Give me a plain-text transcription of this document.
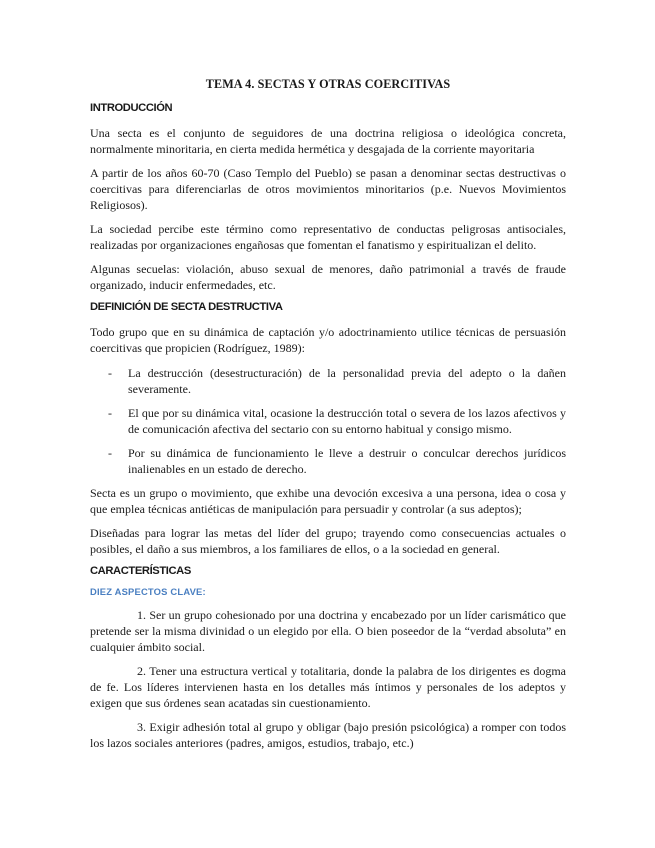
TEMA 4. SECTAS Y OTRAS COERCITIVAS
INTRODUCCIÓN

Una secta es el conjunto de seguidores de una doctrina religiosa o ideológica concreta, normalmente minoritaria, en cierta medida hermética y desgajada de la corriente mayoritaria

A partir de los años 60-70 (Caso Templo del Pueblo) se pasan a denominar sectas destructivas o coercitivas para diferenciarlas de otros movimientos minoritarios (p.e. Nuevos Movimientos Religiosos).

La sociedad percibe este término como representativo de conductas peligrosas antisociales, realizadas por organizaciones engañosas que fomentan el fanatismo y espiritualizan el delito.

Algunas secuelas: violación, abuso sexual de menores, daño patrimonial a través de fraude organizado, inducir enfermedades, etc.

DEFINICIÓN DE SECTA DESTRUCTIVA

Todo grupo que en su dinámica de captación y/o adoctrinamiento utilice técnicas de persuasión coercitivas que propicien (Rodríguez, 1989):

- La destrucción (desestructuración) de la personalidad previa del adepto o la dañen severamente.
- El que por su dinámica vital, ocasione la destrucción total o severa de los lazos afectivos y de comunicación afectiva del sectario con su entorno habitual y consigo mismo.
- Por su dinámica de funcionamiento le lleve a destruir o conculcar derechos jurídicos inalienables en un estado de derecho.

Secta es un grupo o movimiento, que exhibe una devoción excesiva a una persona, idea o cosa y que emplea técnicas antiéticas de manipulación para persuadir y controlar (a sus adeptos);

Diseñadas para lograr las metas del líder del grupo; trayendo como consecuencias actuales o posibles, el daño a sus miembros, a los familiares de ellos, o a la sociedad en general.

CARACTERÍSTICAS
DIEZ ASPECTOS CLAVE:

1. Ser un grupo cohesionado por una doctrina y encabezado por un líder carismático que pretende ser la misma divinidad o un elegido por ella. O bien poseedor de la “verdad absoluta” en cualquier ámbito social.

2. Tener una estructura vertical y totalitaria, donde la palabra de los dirigentes es dogma de fe. Los líderes intervienen hasta en los detalles más íntimos y personales de los adeptos y exigen que sus órdenes sean acatadas sin cuestionamiento.

3. Exigir adhesión total al grupo y obligar (bajo presión psicológica) a romper con todos los lazos sociales anteriores (padres, amigos, estudios, trabajo, etc.)
